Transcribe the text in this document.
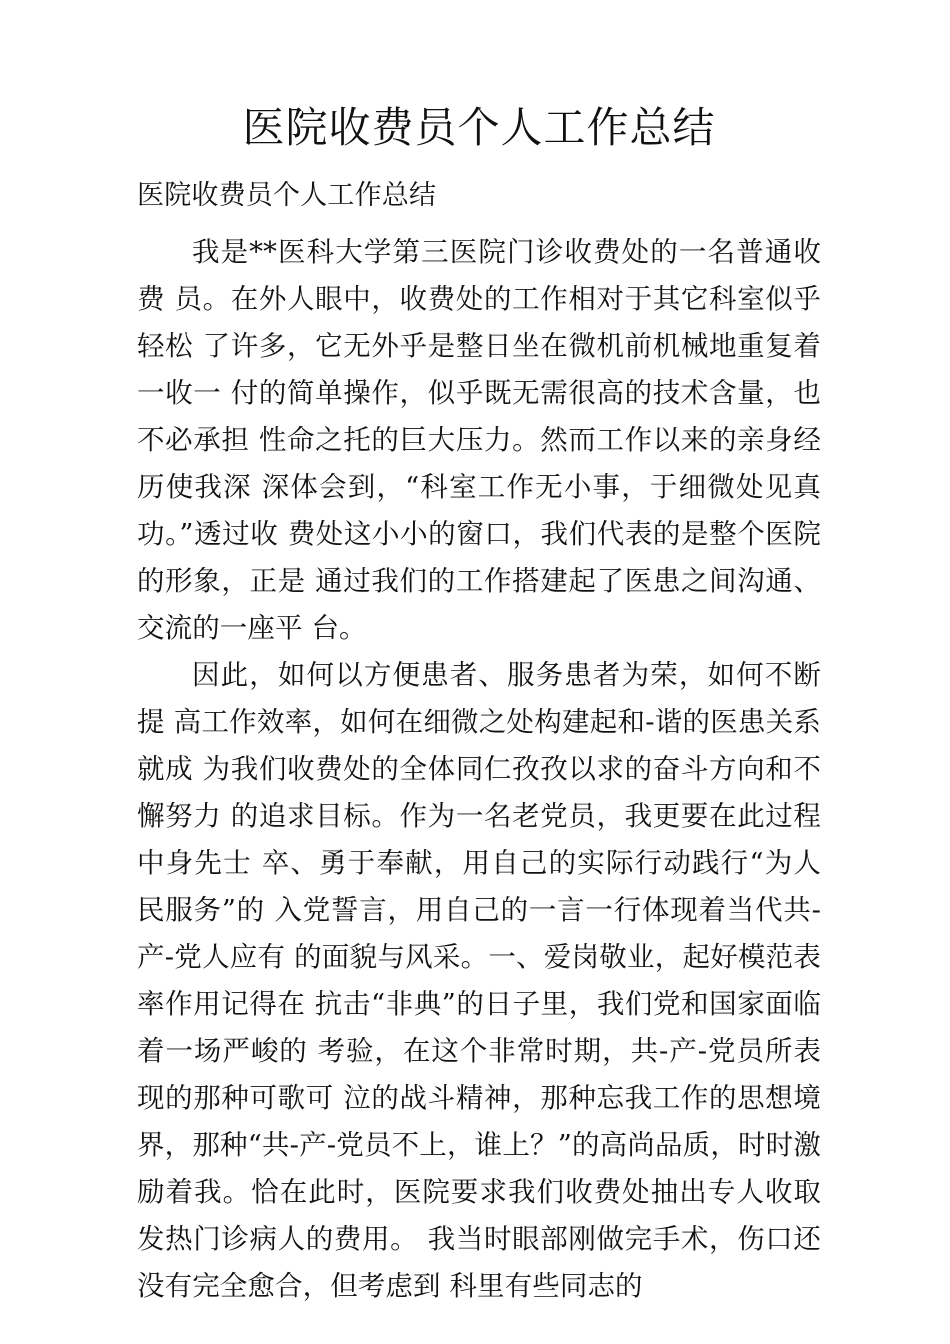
医院收费员个人工作总结

医院收费员个人工作总结

我是**医科大学第三医院门诊收费处的一名普通收费 员。在外人眼中，收费处的工作相对于其它科室似乎轻松 了许多，它无外乎是整日坐在微机前机械地重复着一收一 付的简单操作，似乎既无需很高的技术含量，也不必承担 性命之托的巨大压力。然而工作以来的亲身经历使我深 深体会到，“科室工作无小事，于细微处见真功。”透过收 费处这小小的窗口，我们代表的是整个医院的形象，正是 通过我们的工作搭建起了医患之间沟通、交流的一座平 台。

因此，如何以方便患者、服务患者为荣，如何不断提 高工作效率，如何在细微之处构建起和-谐的医患关系就成 为我们收费处的全体同仁孜孜以求的奋斗方向和不懈努力 的追求目标。作为一名老党员，我更要在此过程中身先士 卒、勇于奉献，用自己的实际行动践行“为人民服务”的 入党誓言，用自己的一言一行体现着当代共-产-党人应有 的面貌与风采。一、爱岗敬业，起好模范表率作用记得在 抗击“非典”的日子里，我们党和国家面临着一场严峻的 考验，在这个非常时期，共-产-党员所表现的那种可歌可 泣的战斗精神，那种忘我工作的思想境界，那种“共-产-党员不上，谁上？”的高尚品质，时时激励着我。恰在此时，医院要求我们收费处抽出专人收取发热门诊病人的费用。 我当时眼部刚做完手术，伤口还没有完全愈合，但考虑到 科里有些同志的
